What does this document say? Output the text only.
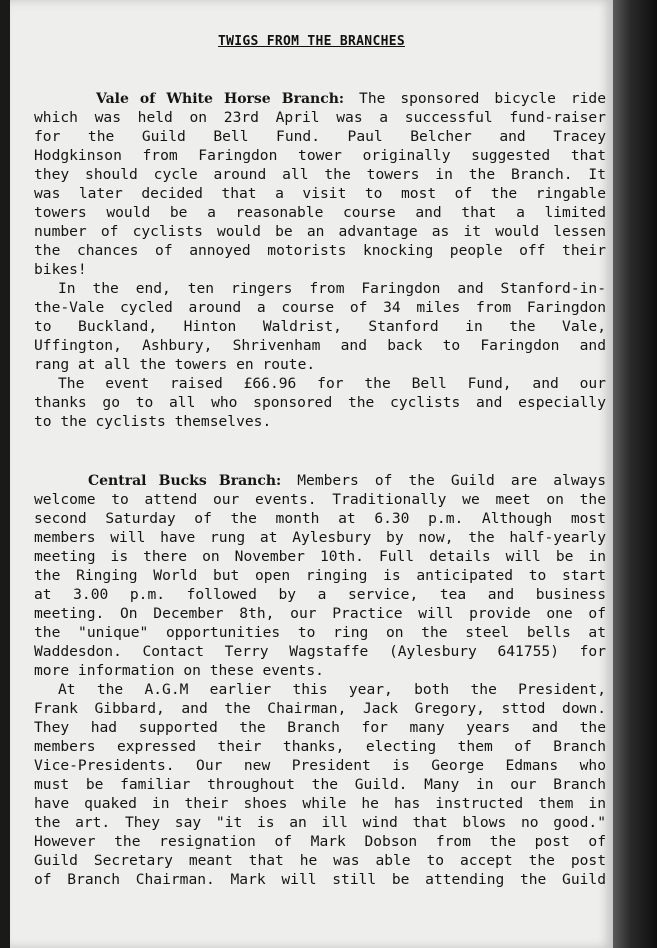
TWIGS FROM THE BRANCHES
Vale of White Horse Branch: The sponsored bicycle ride
which was held on 23rd April was a successful fund-raiser
for the Guild Bell Fund. Paul Belcher and Tracey
Hodgkinson from Faringdon tower originally suggested that
they should cycle around all the towers in the Branch. It
was later decided that a visit to most of the ringable
towers would be a reasonable course and that a limited
number of cyclists would be an advantage as it would lessen
the chances of annoyed motorists knocking people off their
bikes!
In the end, ten ringers from Faringdon and Stanford-in-
the-Vale cycled around a course of 34 miles from Faringdon
to Buckland, Hinton Waldrist, Stanford in the Vale,
Uffington, Ashbury, Shrivenham and back to Faringdon and
rang at all the towers en route.
The event raised £66.96 for the Bell Fund, and our
thanks go to all who sponsored the cyclists and especially
to the cyclists themselves.
Central Bucks Branch: Members of the Guild are always
welcome to attend our events. Traditionally we meet on the
second Saturday of the month at 6.30 p.m. Although most
members will have rung at Aylesbury by now, the half-yearly
meeting is there on November 10th. Full details will be in
the Ringing World but open ringing is anticipated to start
at 3.00 p.m. followed by a service, tea and business
meeting. On December 8th, our Practice will provide one of
the "unique" opportunities to ring on the steel bells at
Waddesdon. Contact Terry Wagstaffe (Aylesbury 641755) for
more information on these events.
At the A.G.M earlier this year, both the President,
Frank Gibbard, and the Chairman, Jack Gregory, sttod down.
They had supported the Branch for many years and the
members expressed their thanks, electing them of Branch
Vice-Presidents. Our new President is George Edmans who
must be familiar throughout the Guild. Many in our Branch
have quaked in their shoes while he has instructed them in
the art. They say "it is an ill wind that blows no good."
However the resignation of Mark Dobson from the post of
Guild Secretary meant that he was able to accept the post
of Branch Chairman. Mark will still be attending the Guild
